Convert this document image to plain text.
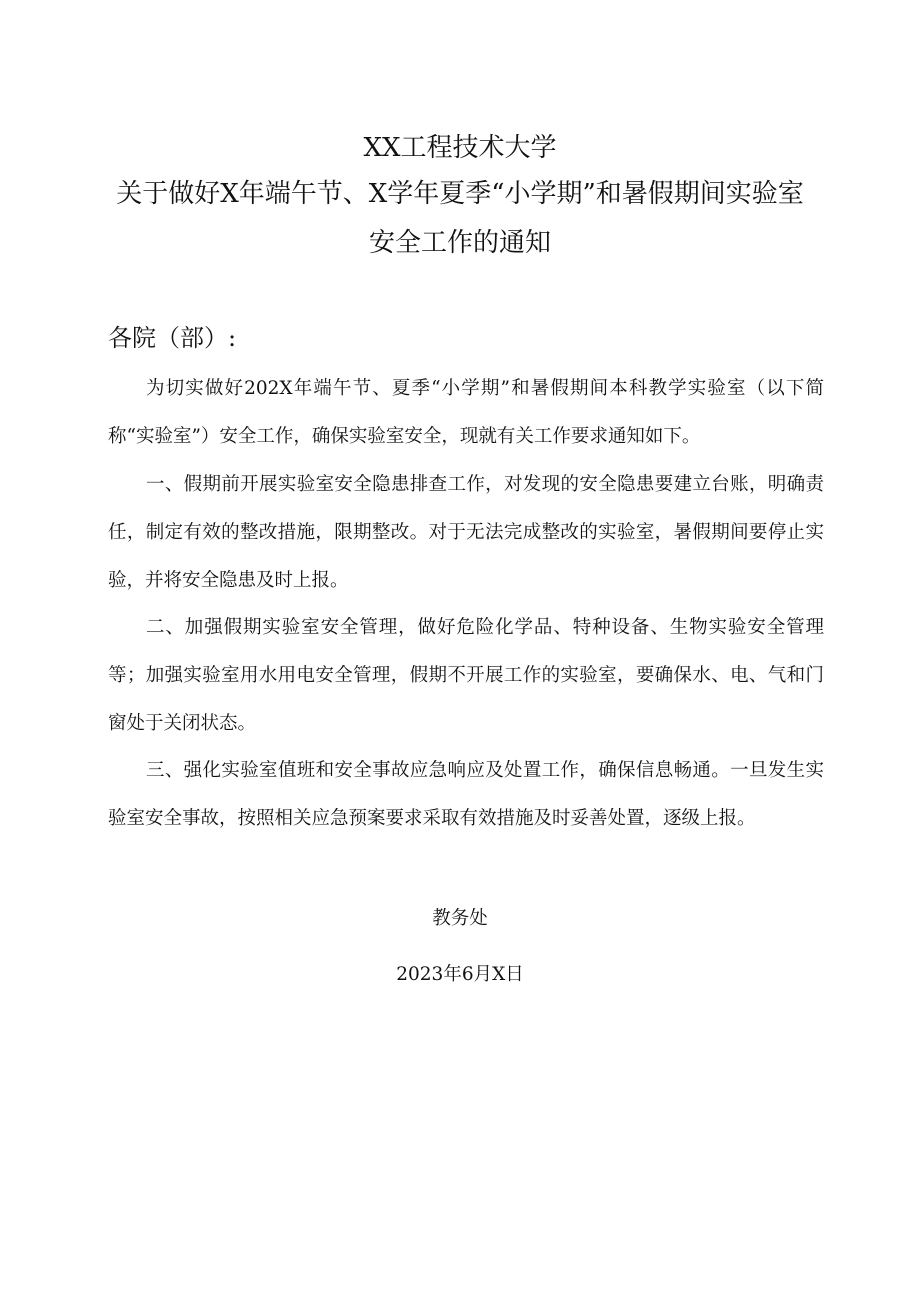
XX工程技术大学
关于做好X年端午节、X学年夏季“小学期”和暑假期间实验室
安全工作的通知
各院（部）:
为切实做好202X年端午节、夏季“小学期”和暑假期间本科教学实验室（以下简称“实验室”）安全工作，确保实验室安全，现就有关工作要求通知如下。
一、假期前开展实验室安全隐患排查工作，对发现的安全隐患要建立台账，明确责任，制定有效的整改措施，限期整改。对于无法完成整改的实验室，暑假期间要停止实验，并将安全隐患及时上报。
二、加强假期实验室安全管理，做好危险化学品、特种设备、生物实验安全管理等；加强实验室用水用电安全管理，假期不开展工作的实验室，要确保水、电、气和门窗处于关闭状态。
三、强化实验室值班和安全事故应急响应及处置工作，确保信息畅通。一旦发生实验室安全事故，按照相关应急预案要求采取有效措施及时妥善处置，逐级上报。
教务处
2023年6月X日
